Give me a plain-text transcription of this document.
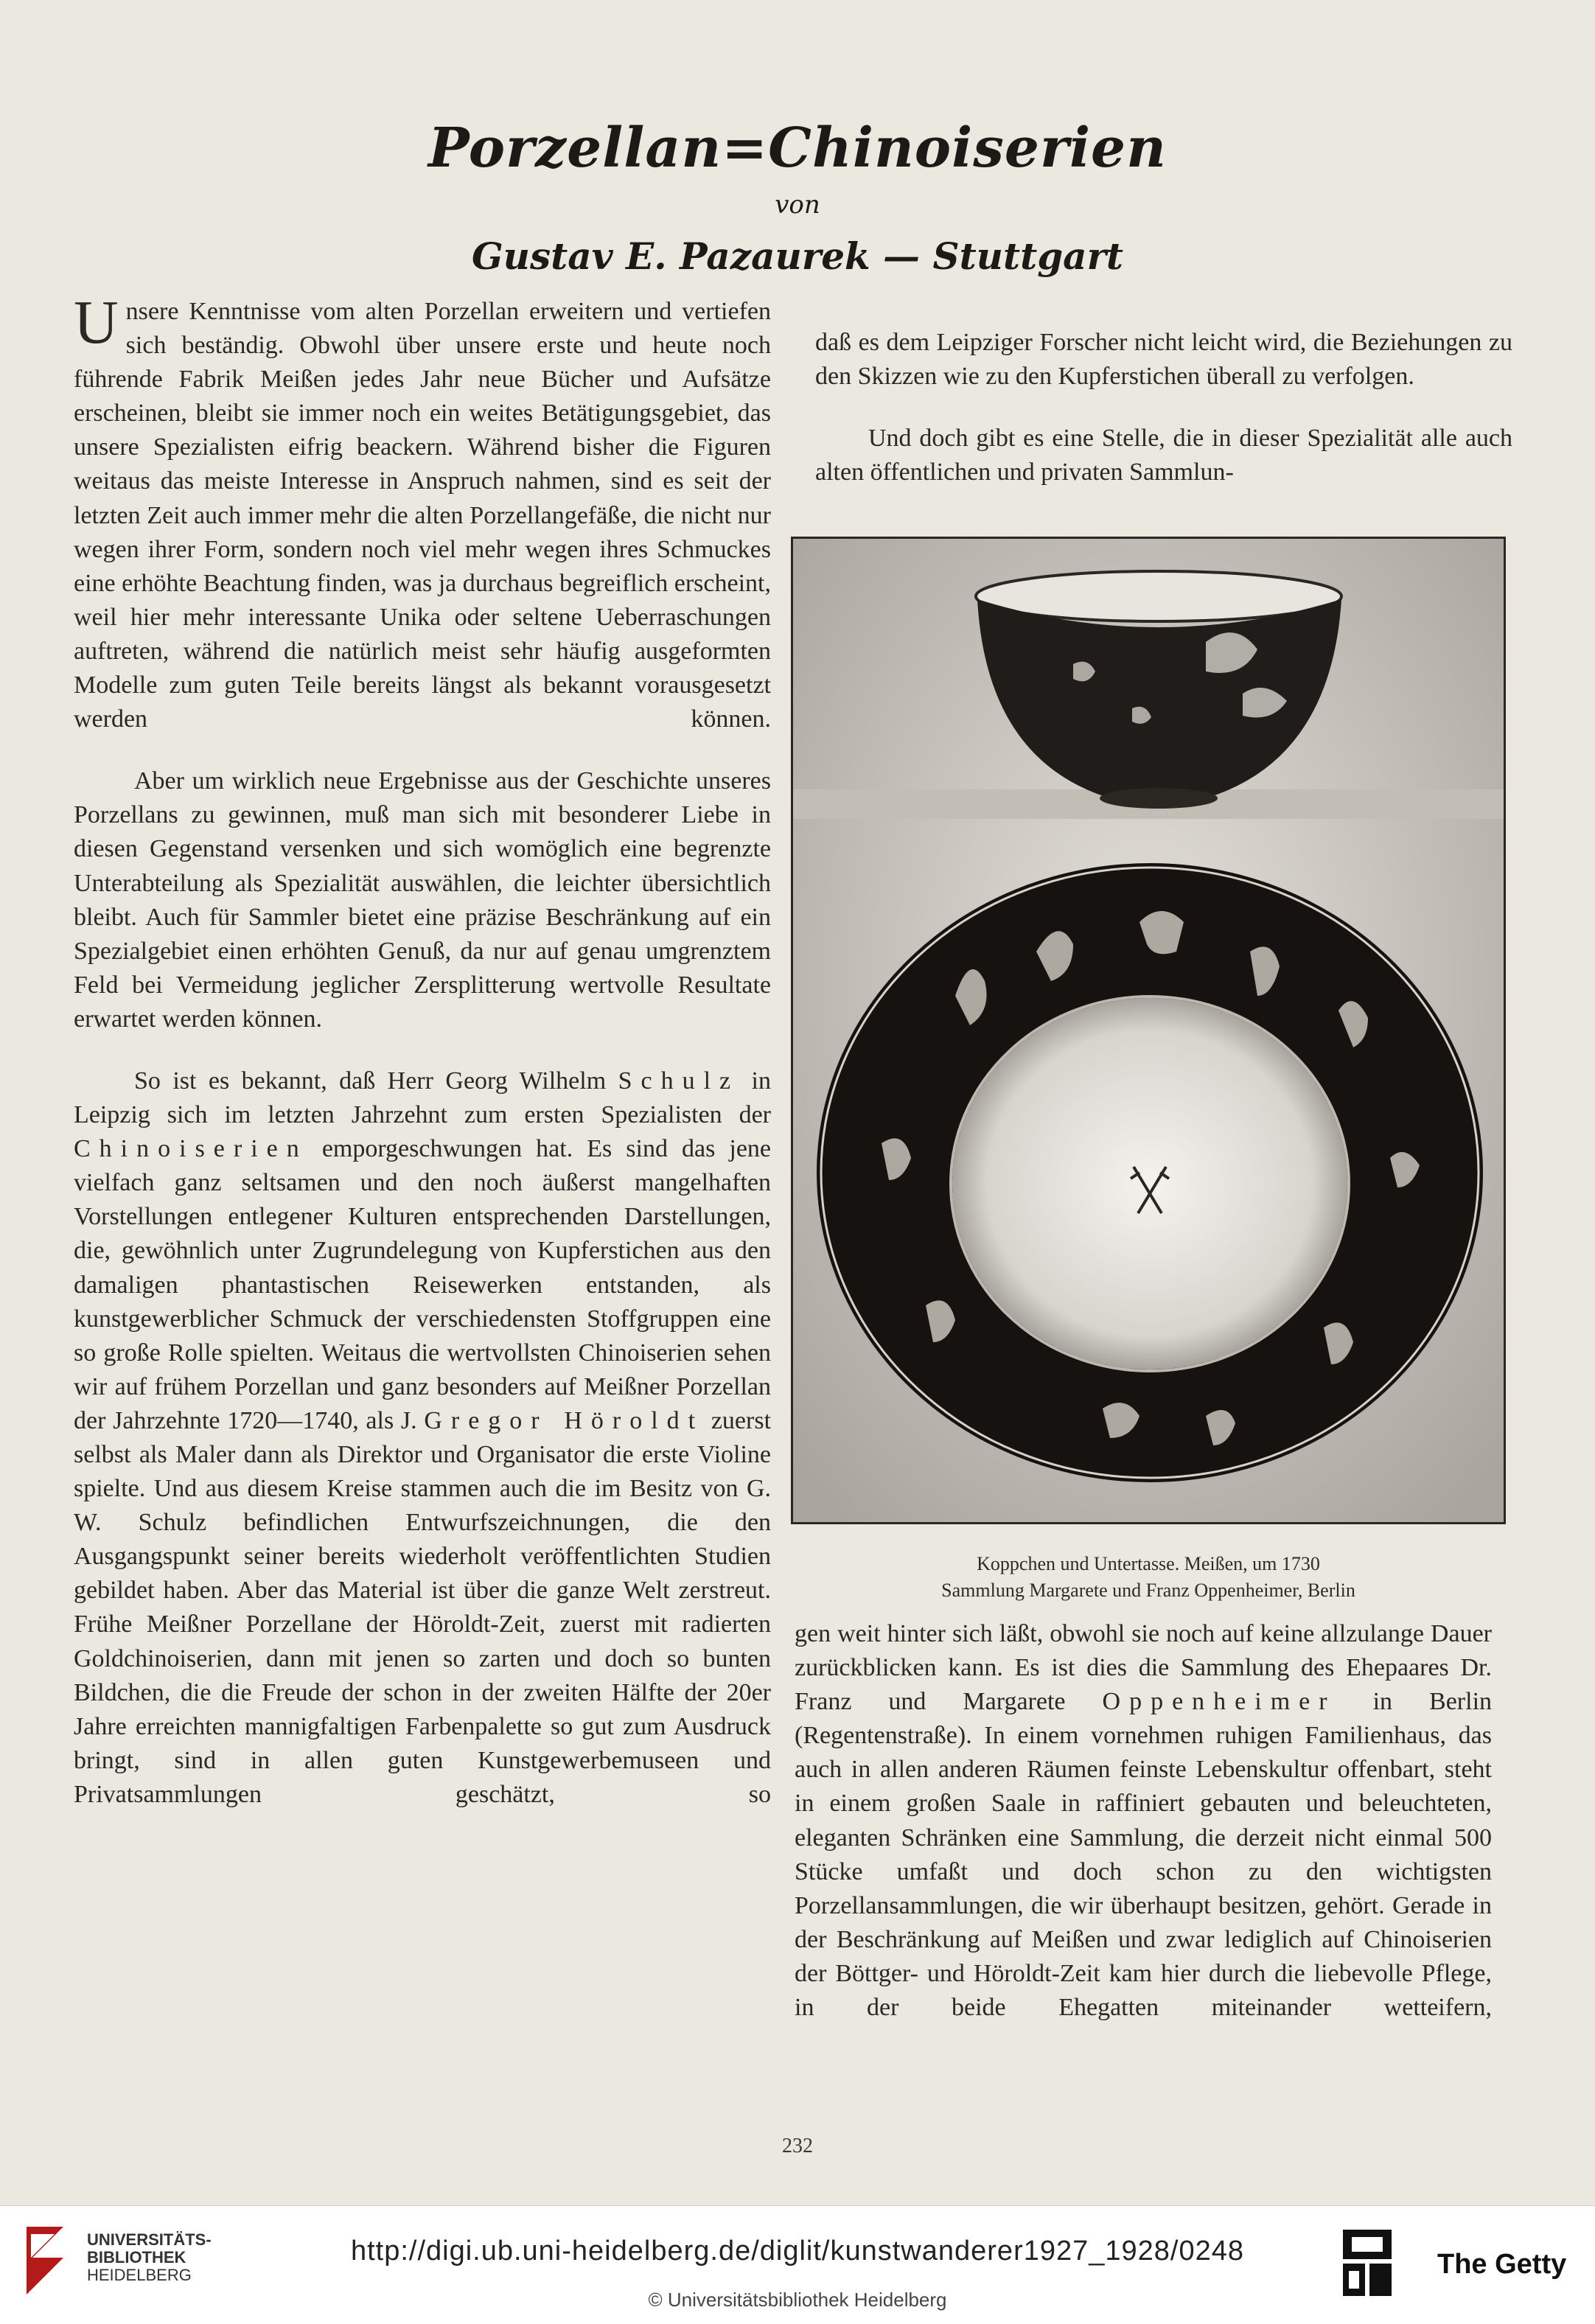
Porzellan=Chinoiserien
von
Gustav E. Pazaurek — Stuttgart

Unsere Kenntnisse vom alten Porzellan erweitern und vertiefen sich beständig. Obwohl über unsere erste und heute noch führende Fabrik Meißen jedes Jahr neue Bücher und Aufsätze erscheinen, bleibt sie immer noch ein weites Betätigungsgebiet, das unsere Spezialisten eifrig beackern. Während bisher die Figuren weitaus das meiste Interesse in Anspruch nahmen, sind es seit der letzten Zeit auch immer mehr die alten Porzellangefäße, die nicht nur wegen ihrer Form, sondern noch viel mehr wegen ihres Schmuckes eine erhöhte Beachtung finden, was ja durchaus begreiflich erscheint, weil hier mehr interessante Unika oder seltene Ueberraschungen auftreten, während die natürlich meist sehr häufig ausgeformten Modelle zum guten Teile bereits längst als bekannt vorausgesetzt werden können.

Aber um wirklich neue Ergebnisse aus der Geschichte unseres Porzellans zu gewinnen, muß man sich mit besonderer Liebe in diesen Gegenstand versenken und sich womöglich eine begrenzte Unterabteilung als Spezialität auswählen, die leichter übersichtlich bleibt. Auch für Sammler bietet eine präzise Beschränkung auf ein Spezialgebiet einen erhöhten Genuß, da nur auf genau umgrenztem Feld bei Vermeidung jeglicher Zersplitterung wertvolle Resultate erwartet werden können.

So ist es bekannt, daß Herr Georg Wilhelm Schulz in Leipzig sich im letzten Jahrzehnt zum ersten Spezialisten der Chinoiserien emporgeschwungen hat. Es sind das jene vielfach ganz seltsamen und den noch äußerst mangelhaften Vorstellungen entlegener Kulturen entsprechenden Darstellungen, die, gewöhnlich unter Zugrundelegung von Kupferstichen aus den damaligen phantastischen Reisewerken entstanden, als kunstgewerblicher Schmuck der verschiedensten Stoffgruppen eine so große Rolle spielten. Weitaus die wertvollsten Chinoiserien sehen wir auf frühem Porzellan und ganz besonders auf Meißner Porzellan der Jahrzehnte 1720—1740, als J. Gregor Höroldt zuerst selbst als Maler dann als Direktor und Organisator die erste Violine spielte. Und aus diesem Kreise stammen auch die im Besitz von G. W. Schulz befindlichen Entwurfszeichnungen, die den Ausgangspunkt seiner bereits wiederholt veröffentlichten Studien gebildet haben. Aber das Material ist über die ganze Welt zerstreut. Frühe Meißner Porzellane der Höroldt-Zeit, zuerst mit radierten Goldchinoiserien, dann mit jenen so zarten und doch so bunten Bildchen, die die Freude der schon in der zweiten Hälfte der 20er Jahre erreichten mannigfaltigen Farbenpalette so gut zum Ausdruck bringt, sind in allen guten Kunstgewerbemuseen und Privatsammlungen geschätzt, so

daß es dem Leipziger Forscher nicht leicht wird, die Beziehungen zu den Skizzen wie zu den Kupferstichen überall zu verfolgen.

Und doch gibt es eine Stelle, die in dieser Spezialität alle auch alten öffentlichen und privaten Sammlun-

Koppchen und Untertasse. Meißen, um 1730
Sammlung Margarete und Franz Oppenheimer, Berlin

gen weit hinter sich läßt, obwohl sie noch auf keine allzulange Dauer zurückblicken kann. Es ist dies die Sammlung des Ehepaares Dr. Franz und Margarete Oppenheimer in Berlin (Regentenstraße). In einem vornehmen ruhigen Familienhaus, das auch in allen anderen Räumen feinste Lebenskultur offenbart, steht in einem großen Saale in raffiniert gebauten und beleuchteten, eleganten Schränken eine Sammlung, die derzeit nicht einmal 500 Stücke umfaßt und doch schon zu den wichtigsten Porzellansammlungen, die wir überhaupt besitzen, gehört. Gerade in der Beschränkung auf Meißen und zwar lediglich auf Chinoiserien der Böttger- und Höroldt-Zeit kam hier durch die liebevolle Pflege, in der beide Ehegatten miteinander wetteifern,

232
UNIVERSITÄTS-
BIBLIOTHEK
HEIDELBERG
http://digi.ub.uni-heidelberg.de/diglit/kunstwanderer1927_1928/0248
© Universitätsbibliothek Heidelberg
The Getty
